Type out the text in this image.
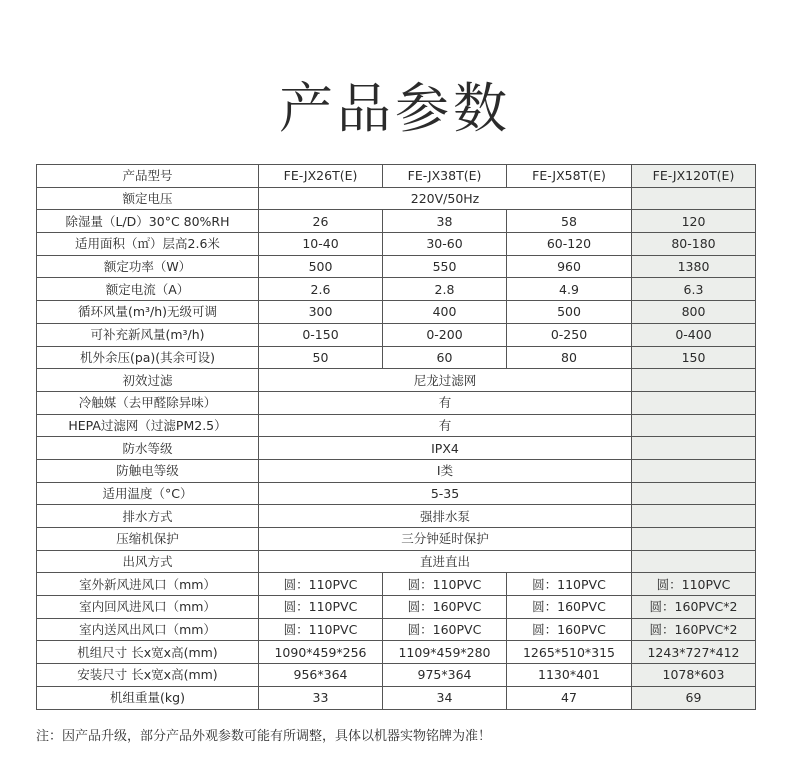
产品参数
产品型号	FE-JX26T(E)	FE-JX38T(E)	FE-JX58T(E)	FE-JX120T(E)
额定电压	220V/50Hz			
除湿量（L/D）30°C 80%RH	26	38	58	120
适用面积（㎡）层高2.6米	10-40	30-60	60-120	80-180
额定功率（W）	500	550	960	1380
额定电流（A）	2.6	2.8	4.9	6.3
循环风量(m³/h)无级可调	300	400	500	800
可补充新风量(m³/h)	0-150	0-200	0-250	0-400
机外余压(pa)(其余可设)	50	60	80	150
初效过滤	尼龙过滤网			
冷触媒（去甲醛除异味）	有			
HEPA过滤网（过滤PM2.5）	有			
防水等级	IPX4			
防触电等级	I类			
适用温度（°C）	5-35			
排水方式	强排水泵			
压缩机保护	三分钟延时保护			
出风方式	直进直出			
室外新风进风口（mm）	圆：110PVC	圆：110PVC	圆：110PVC	圆：110PVC
室内回风进风口（mm）	圆：110PVC	圆：160PVC	圆：160PVC	圆：160PVC*2
室内送风出风口（mm）	圆：110PVC	圆：160PVC	圆：160PVC	圆：160PVC*2
机组尺寸 长x宽x高(mm)	1090*459*256	1109*459*280	1265*510*315	1243*727*412
安装尺寸 长x宽x高(mm)	956*364	975*364	1130*401	1078*603
机组重量(kg)	33	34	47	69
注：因产品升级，部分产品外观参数可能有所调整，具体以机器实物铭牌为准！
